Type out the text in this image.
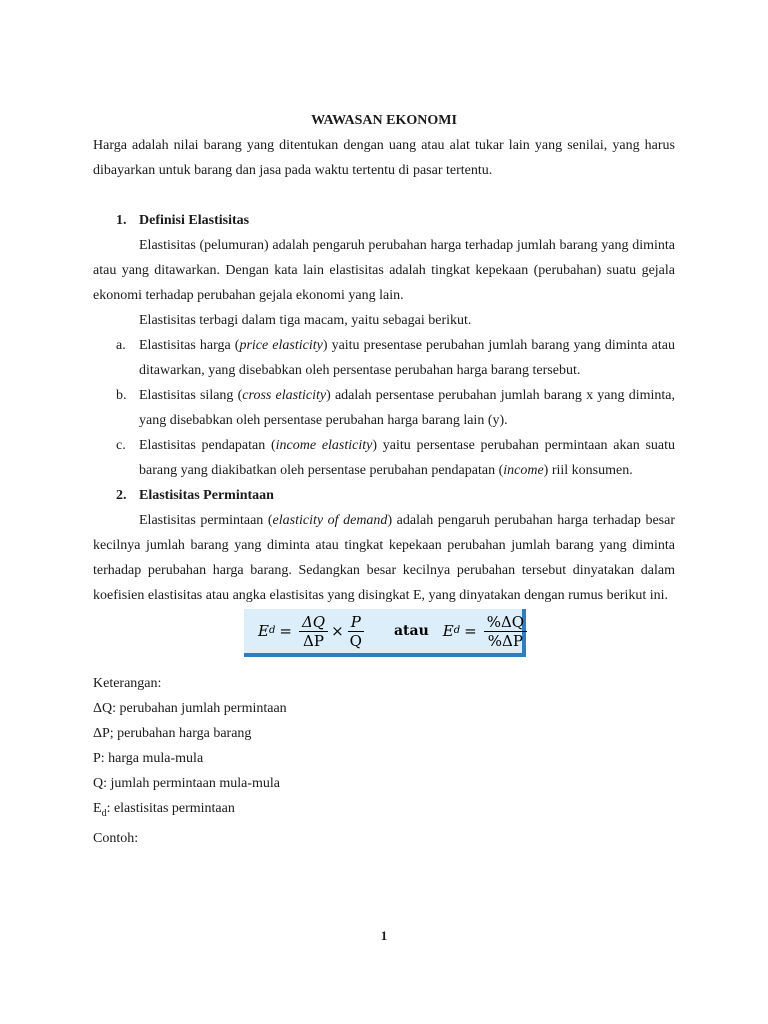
WAWASAN EKONOMI
Harga adalah nilai barang yang ditentukan dengan uang atau alat tukar lain yang senilai, yang harus dibayarkan untuk barang dan jasa pada waktu tertentu di pasar tertentu.
1. Definisi Elastisitas
Elastisitas (pelumuran) adalah pengaruh perubahan harga terhadap jumlah barang yang diminta atau yang ditawarkan. Dengan kata lain elastisitas adalah tingkat kepekaan (perubahan) suatu gejala ekonomi terhadap perubahan gejala ekonomi yang lain.
Elastisitas terbagi dalam tiga macam, yaitu sebagai berikut.
a. Elastisitas harga (price elasticity) yaitu presentase perubahan jumlah barang yang diminta atau ditawarkan, yang disebabkan oleh persentase perubahan harga barang tersebut.
b. Elastisitas silang (cross elasticity) adalah persentase perubahan jumlah barang x yang diminta, yang disebabkan oleh persentase perubahan harga barang lain (y).
c. Elastisitas pendapatan (income elasticity) yaitu persentase perubahan permintaan akan suatu barang yang diakibatkan oleh persentase perubahan pendapatan (income) riil konsumen.
2. Elastisitas Permintaan
Elastisitas permintaan (elasticity of demand) adalah pengaruh perubahan harga terhadap besar kecilnya jumlah barang yang diminta atau tingkat kepekaan perubahan jumlah barang yang diminta terhadap perubahan harga barang. Sedangkan besar kecilnya perubahan tersebut dinyatakan dalam koefisien elastisitas atau angka elastisitas yang disingkat E, yang dinyatakan dengan rumus berikut ini.
E $d = \frac{\Delta Q}{\Delta P} \times \frac{P}{Q}$ atau E $d = \frac{\%\Delta Q}{\%\Delta P}$
Keterangan:
ΔQ: perubahan jumlah permintaan
ΔP; perubahan harga barang
P: harga mula-mula
Q: jumlah permintaan mula-mula
$E_d$: elastisitas permintaan
Contoh:
1
